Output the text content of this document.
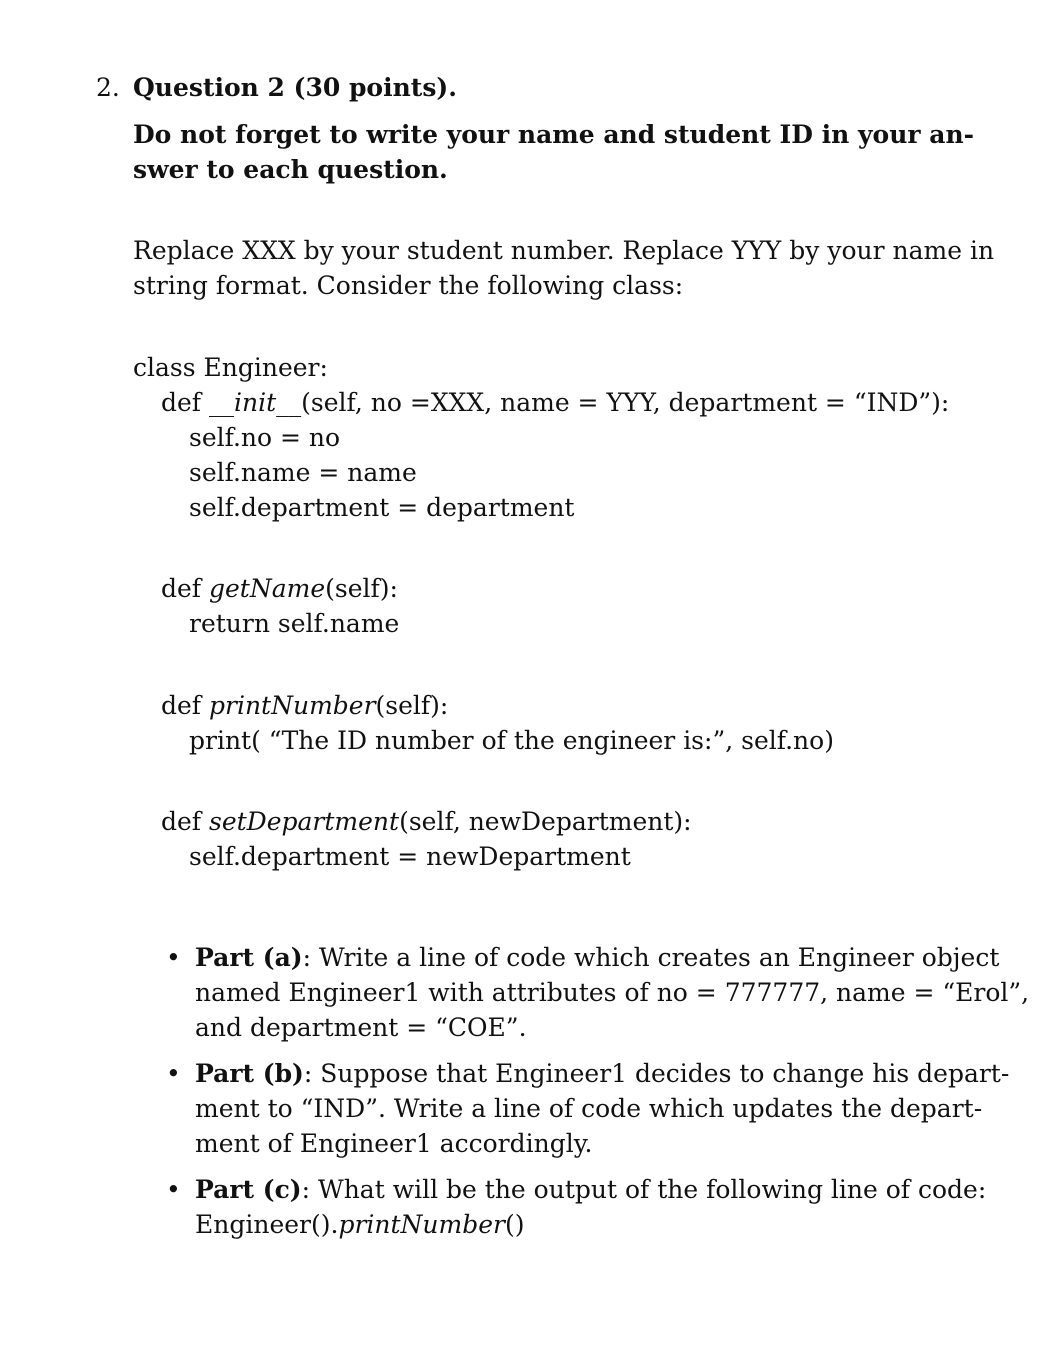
2. Question 2 (30 points).
Do not forget to write your name and student ID in your an-
swer to each question.
Replace XXX by your student number. Replace YYY by your name in
string format. Consider the following class:
class Engineer:
def __init__(self, no =XXX, name = YYY, department = “IND”):
self.no = no
self.name = name
self.department = department
def getName(self):
return self.name
def printNumber(self):
print( “The ID number of the engineer is:”, self.no)
def setDepartment(self, newDepartment):
self.department = newDepartment
• Part (a): Write a line of code which creates an Engineer object
named Engineer1 with attributes of no = 777777, name = “Erol”,
and department = “COE”.
• Part (b): Suppose that Engineer1 decides to change his depart-
ment to “IND”. Write a line of code which updates the depart-
ment of Engineer1 accordingly.
• Part (c): What will be the output of the following line of code:
Engineer().printNumber()
